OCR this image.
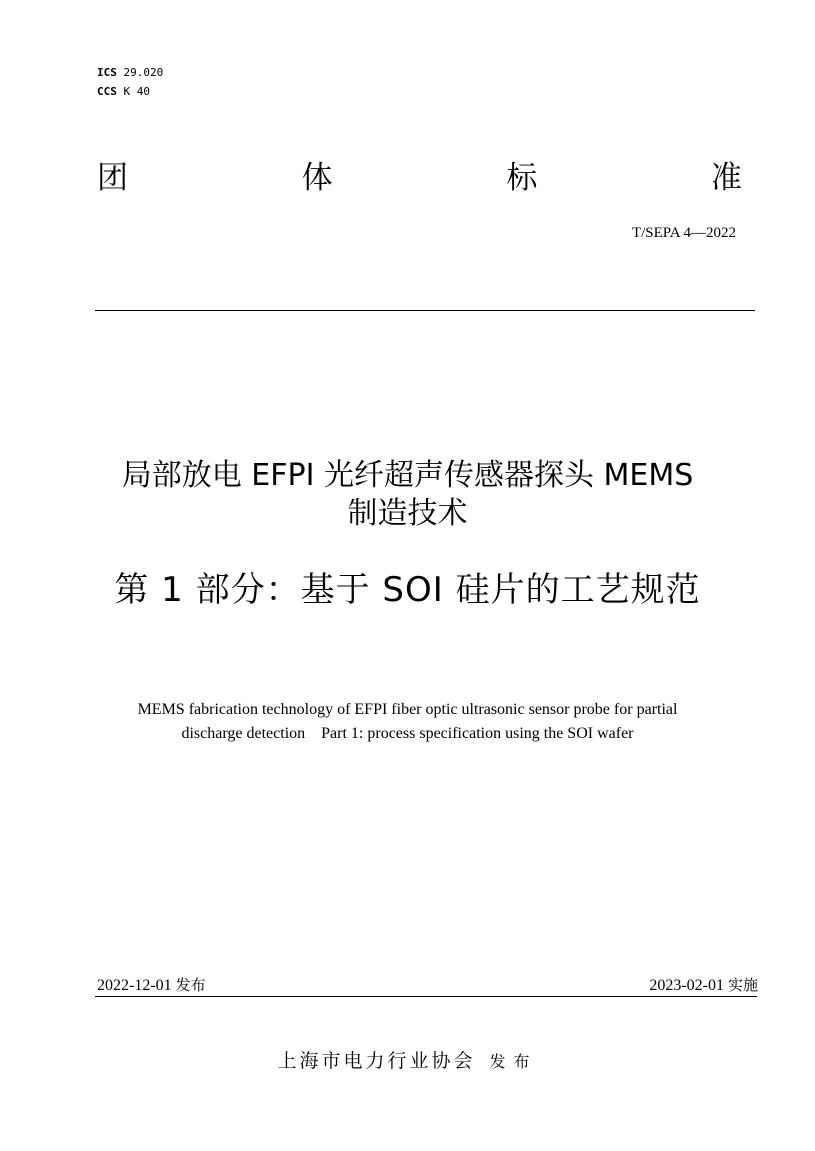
ICS 29.020
CCS K 40
团	体	标	准
T/SEPA 4—2022
局部放电 EFPI 光纤超声传感器探头 MEMS
制造技术
第 1 部分：基于 SOI 硅片的工艺规范
MEMS fabrication technology of EFPI fiber optic ultrasonic sensor probe for partial
discharge detection    Part 1: process specification using the SOI wafer
2022-12-01 发布	2023-02-01 实施
上海市电力行业协会 发布
